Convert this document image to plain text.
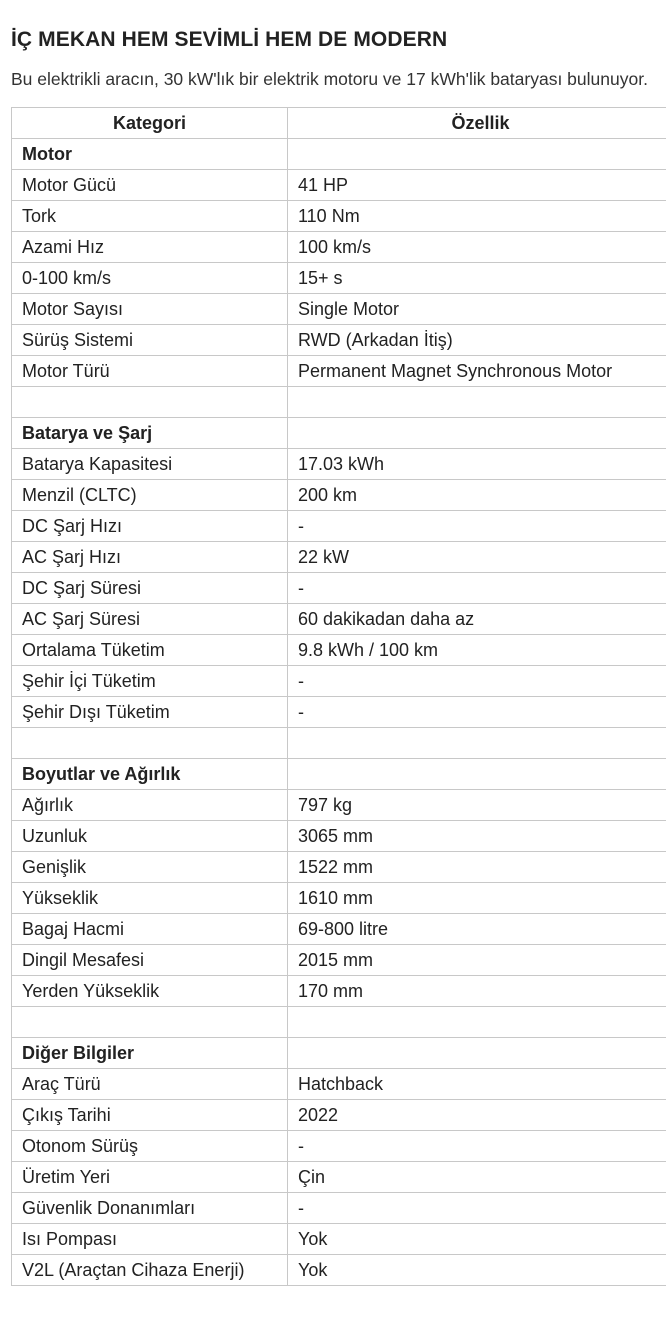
İÇ MEKAN HEM SEVİMLİ HEM DE MODERN

Bu elektrikli aracın, 30 kW'lık bir elektrik motoru ve 17 kWh'lik bataryası bulunuyor.

Kategori	Özellik
Motor	
Motor Gücü	41 HP
Tork	110 Nm
Azami Hız	100 km/s
0-100 km/s	15+ s
Motor Sayısı	Single Motor
Sürüş Sistemi	RWD (Arkadan İtiş)
Motor Türü	Permanent Magnet Synchronous Motor

Batarya ve Şarj	
Batarya Kapasitesi	17.03 kWh
Menzil (CLTC)	200 km
DC Şarj Hızı	-
AC Şarj Hızı	22 kW
DC Şarj Süresi	-
AC Şarj Süresi	60 dakikadan daha az
Ortalama Tüketim	9.8 kWh / 100 km
Şehir İçi Tüketim	-
Şehir Dışı Tüketim	-

Boyutlar ve Ağırlık	
Ağırlık	797 kg
Uzunluk	3065 mm
Genişlik	1522 mm
Yükseklik	1610 mm
Bagaj Hacmi	69-800 litre
Dingil Mesafesi	2015 mm
Yerden Yükseklik	170 mm

Diğer Bilgiler	
Araç Türü	Hatchback
Çıkış Tarihi	2022
Otonom Sürüş	-
Üretim Yeri	Çin
Güvenlik Donanımları	-
Isı Pompası	Yok
V2L (Araçtan Cihaza Enerji)	Yok
